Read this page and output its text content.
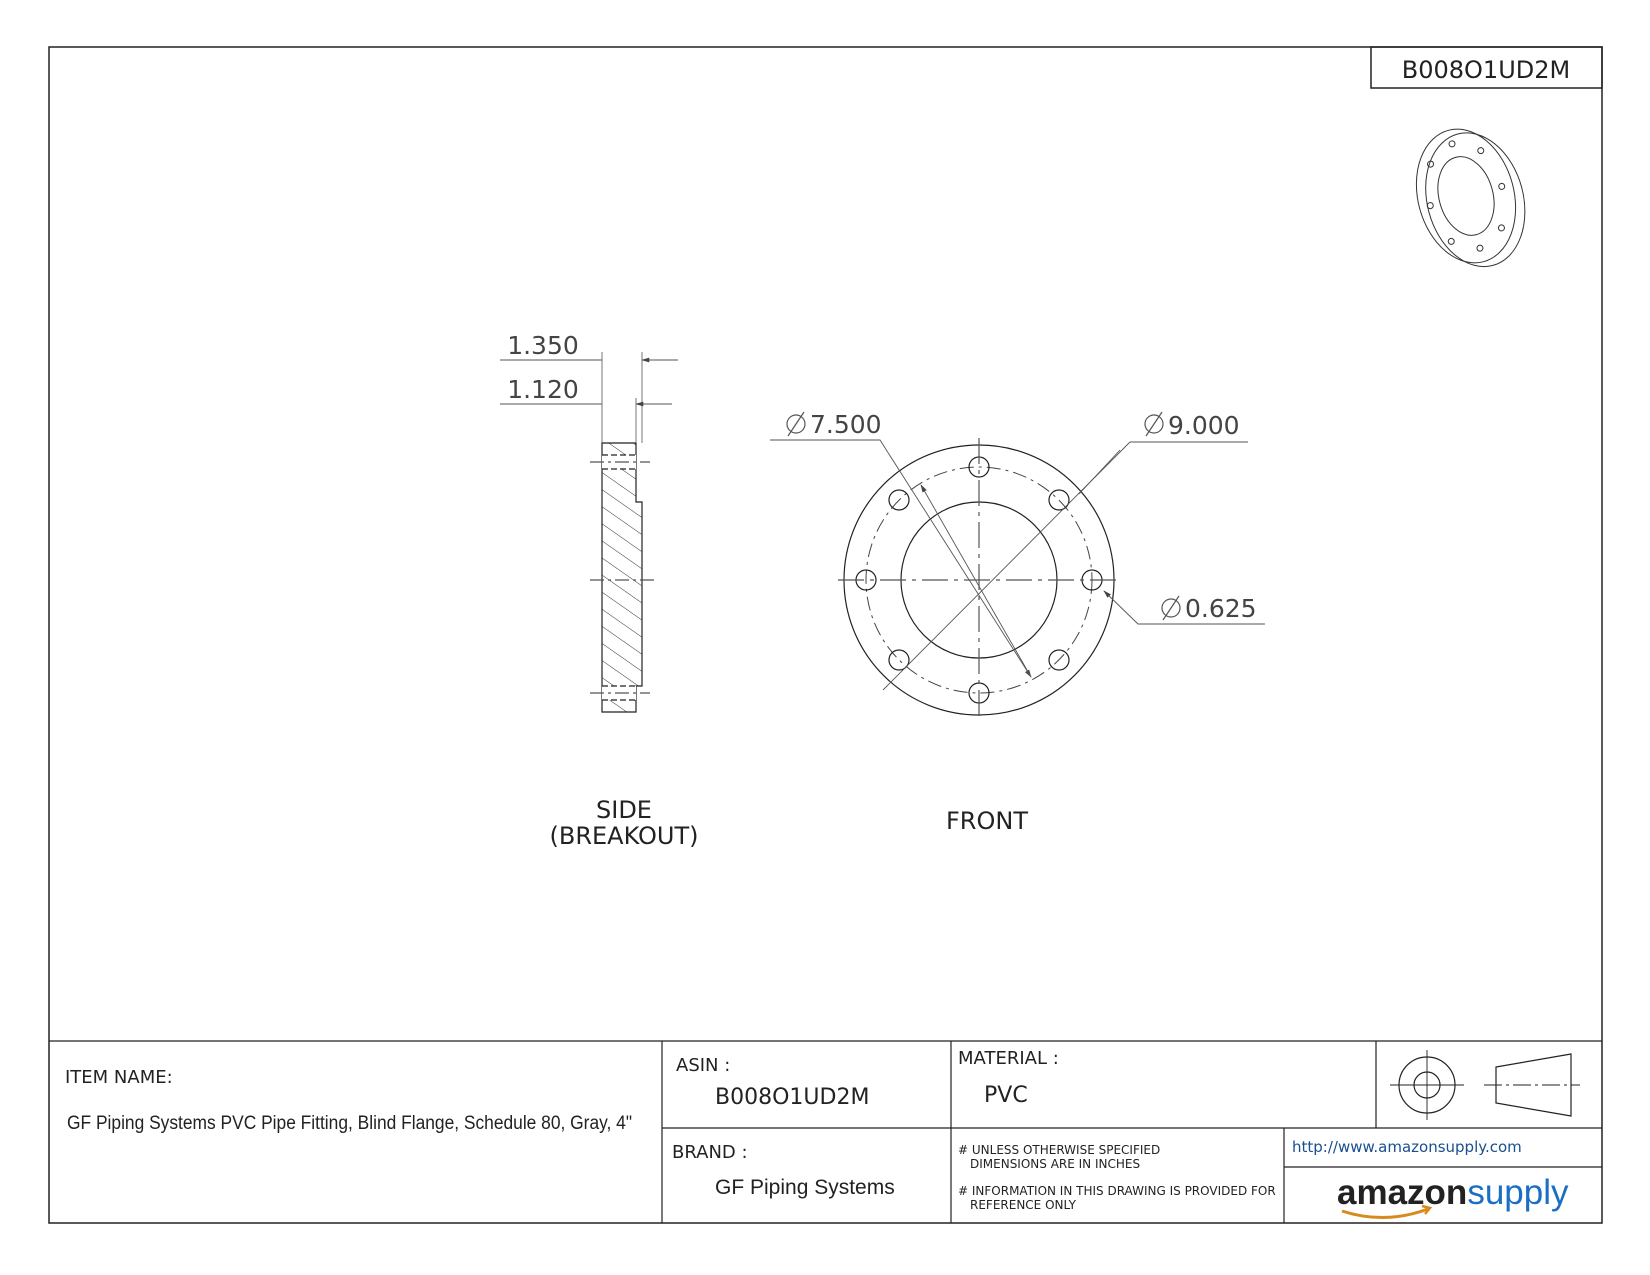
B008O1UD2M
1.350
1.120
7.500	9.000
0.625
SIDE
(BREAKOUT)
FRONT
ITEM NAME:
GF Piping Systems PVC Pipe Fitting, Blind Flange, Schedule 80, Gray, 4"
ASIN :
B008O1UD2M
BRAND :
GF Piping Systems
MATERIAL :
PVC
# UNLESS OTHERWISE SPECIFIED
DIMENSIONS ARE IN INCHES
# INFORMATION IN THIS DRAWING IS PROVIDED FOR
REFERENCE ONLY
http://www.amazonsupply.com
amazonsupply
